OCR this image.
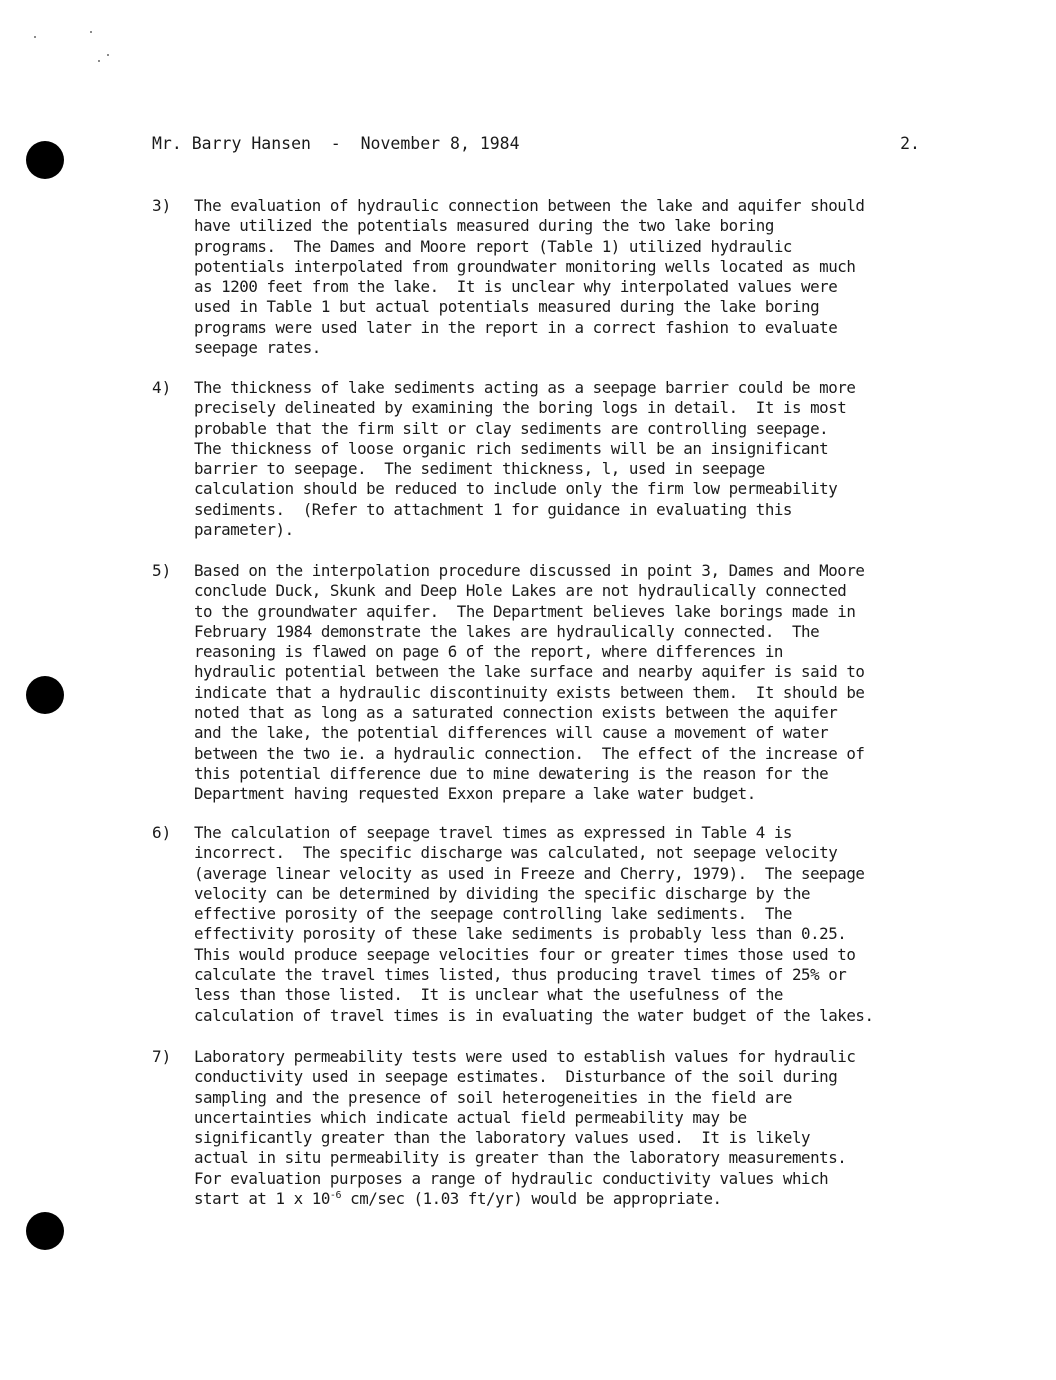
Mr. Barry Hansen  -  November 8, 1984	2.
3) The evaluation of hydraulic connection between the lake and aquifer should
have utilized the potentials measured during the two lake boring
programs.  The Dames and Moore report (Table 1) utilized hydraulic
potentials interpolated from groundwater monitoring wells located as much
as 1200 feet from the lake.  It is unclear why interpolated values were
used in Table 1 but actual potentials measured during the lake boring
programs were used later in the report in a correct fashion to evaluate
seepage rates.
4) The thickness of lake sediments acting as a seepage barrier could be more
precisely delineated by examining the boring logs in detail.  It is most
probable that the firm silt or clay sediments are controlling seepage.
The thickness of loose organic rich sediments will be an insignificant
barrier to seepage.  The sediment thickness, l, used in seepage
calculation should be reduced to include only the firm low permeability
sediments.  (Refer to attachment 1 for guidance in evaluating this
parameter).
5) Based on the interpolation procedure discussed in point 3, Dames and Moore
conclude Duck, Skunk and Deep Hole Lakes are not hydraulically connected
to the groundwater aquifer.  The Department believes lake borings made in
February 1984 demonstrate the lakes are hydraulically connected.  The
reasoning is flawed on page 6 of the report, where differences in
hydraulic potential between the lake surface and nearby aquifer is said to
indicate that a hydraulic discontinuity exists between them.  It should be
noted that as long as a saturated connection exists between the aquifer
and the lake, the potential differences will cause a movement of water
between the two ie. a hydraulic connection.  The effect of the increase of
this potential difference due to mine dewatering is the reason for the
Department having requested Exxon prepare a lake water budget.
6) The calculation of seepage travel times as expressed in Table 4 is
incorrect.  The specific discharge was calculated, not seepage velocity
(average linear velocity as used in Freeze and Cherry, 1979).  The seepage
velocity can be determined by dividing the specific discharge by the
effective porosity of the seepage controlling lake sediments.  The
effectivity porosity of these lake sediments is probably less than 0.25.
This would produce seepage velocities four or greater times those used to
calculate the travel times listed, thus producing travel times of 25% or
less than those listed.  It is unclear what the usefulness of the
calculation of travel times is in evaluating the water budget of the lakes.
7) Laboratory permeability tests were used to establish values for hydraulic
conductivity used in seepage estimates.  Disturbance of the soil during
sampling and the presence of soil heterogeneities in the field are
uncertainties which indicate actual field permeability may be
significantly greater than the laboratory values used.  It is likely
actual in situ permeability is greater than the laboratory measurements.
For evaluation purposes a range of hydraulic conductivity values which
start at 1 x $10^{-6}$ cm/sec (1.03 ft/yr) would be appropriate.
